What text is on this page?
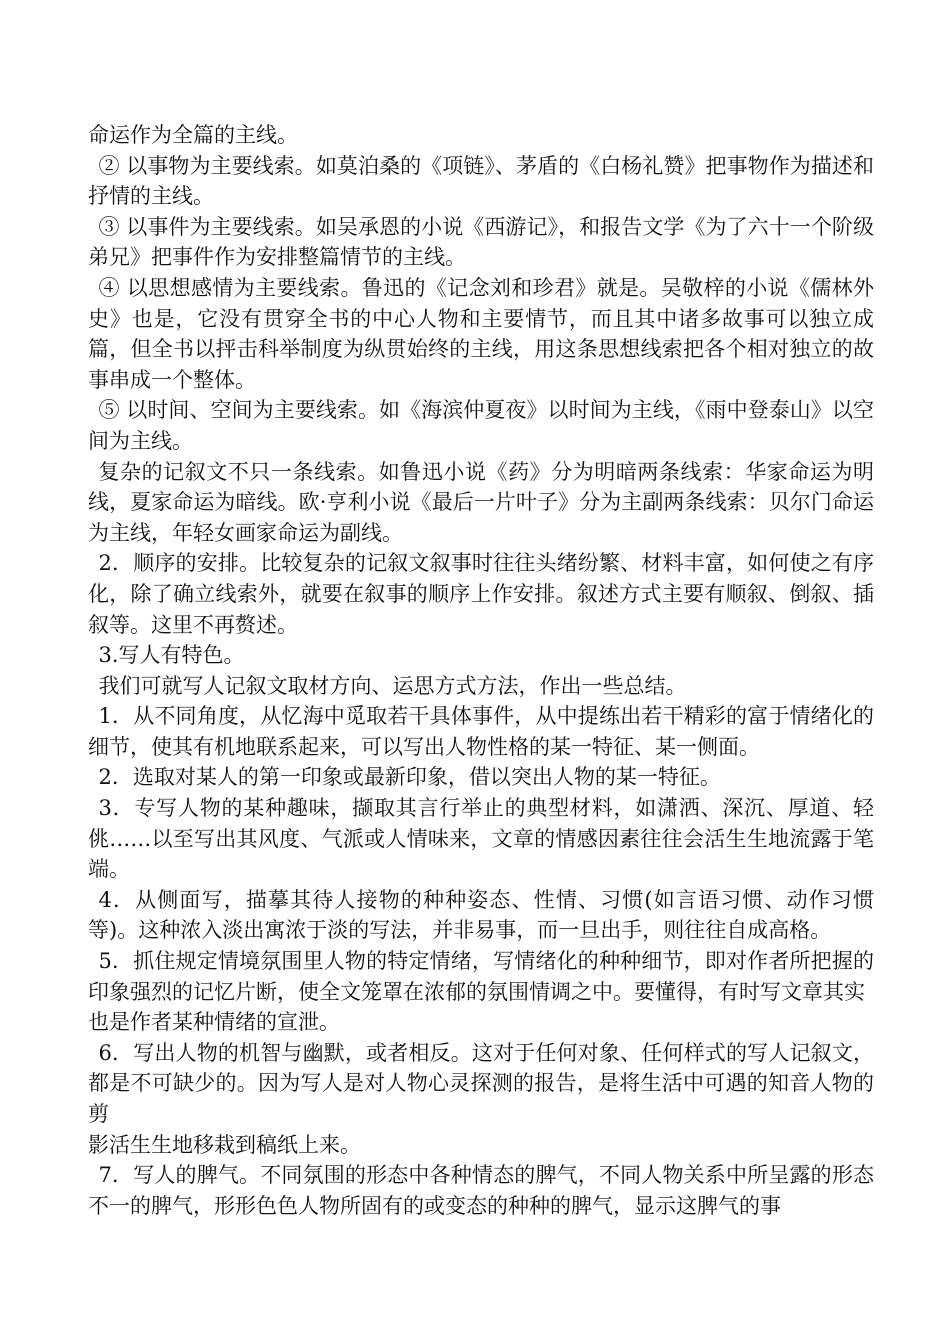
命运作为全篇的主线。

② 以事物为主要线索。如莫泊桑的《项链》、茅盾的《白杨礼赞》把事物作为描述和抒情的主线。

③ 以事件为主要线索。如吴承恩的小说《西游记》，和报告文学《为了六十一个阶级弟兄》把事件作为安排整篇情节的主线。

④ 以思想感情为主要线索。鲁迅的《记念刘和珍君》就是。吴敬梓的小说《儒林外史》也是，它没有贯穿全书的中心人物和主要情节，而且其中诸多故事可以独立成篇，但全书以抨击科举制度为纵贯始终的主线，用这条思想线索把各个相对独立的故事串成一个整体。

⑤ 以时间、空间为主要线索。如《海滨仲夏夜》以时间为主线，《雨中登泰山》以空间为主线。

复杂的记叙文不只一条线索。如鲁迅小说《药》分为明暗两条线索：华家命运为明线，夏家命运为暗线。欧·亨利小说《最后一片叶子》分为主副两条线索：贝尔门命运为主线，年轻女画家命运为副线。

2．顺序的安排。比较复杂的记叙文叙事时往往头绪纷繁、材料丰富，如何使之有序化，除了确立线索外，就要在叙事的顺序上作安排。叙述方式主要有顺叙、倒叙、插叙等。这里不再赘述。

3.写人有特色。

我们可就写人记叙文取材方向、运思方式方法，作出一些总结。

1．从不同角度，从忆海中觅取若干具体事件，从中提练出若干精彩的富于情绪化的细节，使其有机地联系起来，可以写出人物性格的某一特征、某一侧面。

2．选取对某人的第一印象或最新印象，借以突出人物的某一特征。

3．专写人物的某种趣味，撷取其言行举止的典型材料，如潇洒、深沉、厚道、轻佻……以至写出其风度、气派或人情味来，文章的情感因素往往会活生生地流露于笔端。

4．从侧面写，描摹其待人接物的种种姿态、性情、习惯(如言语习惯、动作习惯等)。这种浓入淡出寓浓于淡的写法，并非易事，而一旦出手，则往往自成高格。

5．抓住规定情境氛围里人物的特定情绪，写情绪化的种种细节，即对作者所把握的印象强烈的记忆片断，使全文笼罩在浓郁的氛围情调之中。要懂得，有时写文章其实

也是作者某种情绪的宣泄。

6．写出人物的机智与幽默，或者相反。这对于任何对象、任何样式的写人记叙文，都是不可缺少的。因为写人是对人物心灵探测的报告，是将生活中可遇的知音人物的剪

影活生生地移栽到稿纸上来。

7．写人的脾气。不同氛围的形态中各种情态的脾气，不同人物关系中所呈露的形态不一的脾气，形形色色人物所固有的或变态的种种的脾气，显示这脾气的事
